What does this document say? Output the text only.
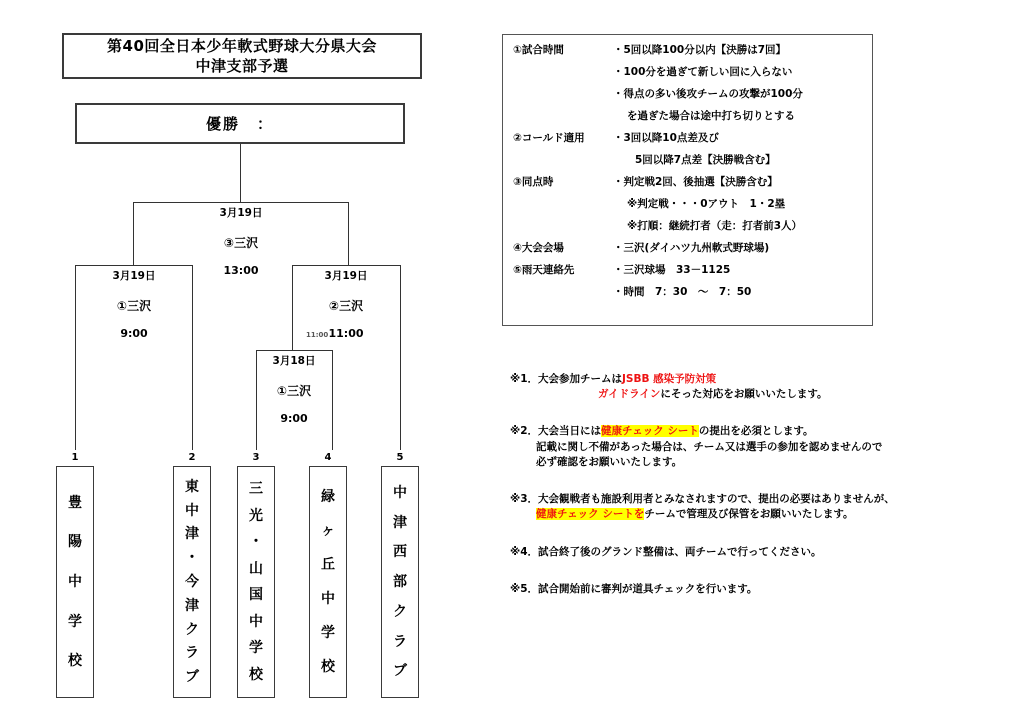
第40回全日本少年軟式野球大分県大会
中津支部予選
優勝　：
3月19日
③三沢
13:00
3月19日
①三沢
9:00
3月19日
②三沢
11:00
3月18日
①三沢
9:00
11:00
1
豊
陽
中
学
校
2
東
中
津
・
今
津
ク
ラ
ブ
3
三
光
・
山
国
中
学
校
4
緑
ヶ
丘
中
学
校
5
中
津
西
部
ク
ラ
ブ
①試合時間	・5回以降100分以内【決勝は7回】
・100分を過ぎて新しい回に入らない
・得点の多い後攻チームの攻撃が100分
を過ぎた場合は途中打ち切りとする
②コールド適用	・3回以降10点差及び
5回以降7点差【決勝戦含む】
③同点時	・判定戦2回、後抽選【決勝含む】
※判定戦・・・0アウト　1・2塁
※打順：継続打者（走：打者前3人）
④大会会場	・三沢(ダイハツ九州軟式野球場)
⑤雨天連絡先	・三沢球場　33－1125
・時間　7：30　～　7：50
※1．大会参加チームはJSBB 感染予防対策
ガイドラインにそった対応をお願いいたします。
※2．大会当日には健康チェック シートの提出を必須とします。
記載に関し不備があった場合は、チーム又は選手の参加を認めませんので
必ず確認をお願いいたします。
※3．大会観戦者も施設利用者とみなされますので、提出の必要はありませんが、
健康チェック シートをチームで管理及び保管をお願いいたします。
※4．試合終了後のグランド整備は、両チームで行ってください。
※5．試合開始前に審判が道具チェックを行います。
